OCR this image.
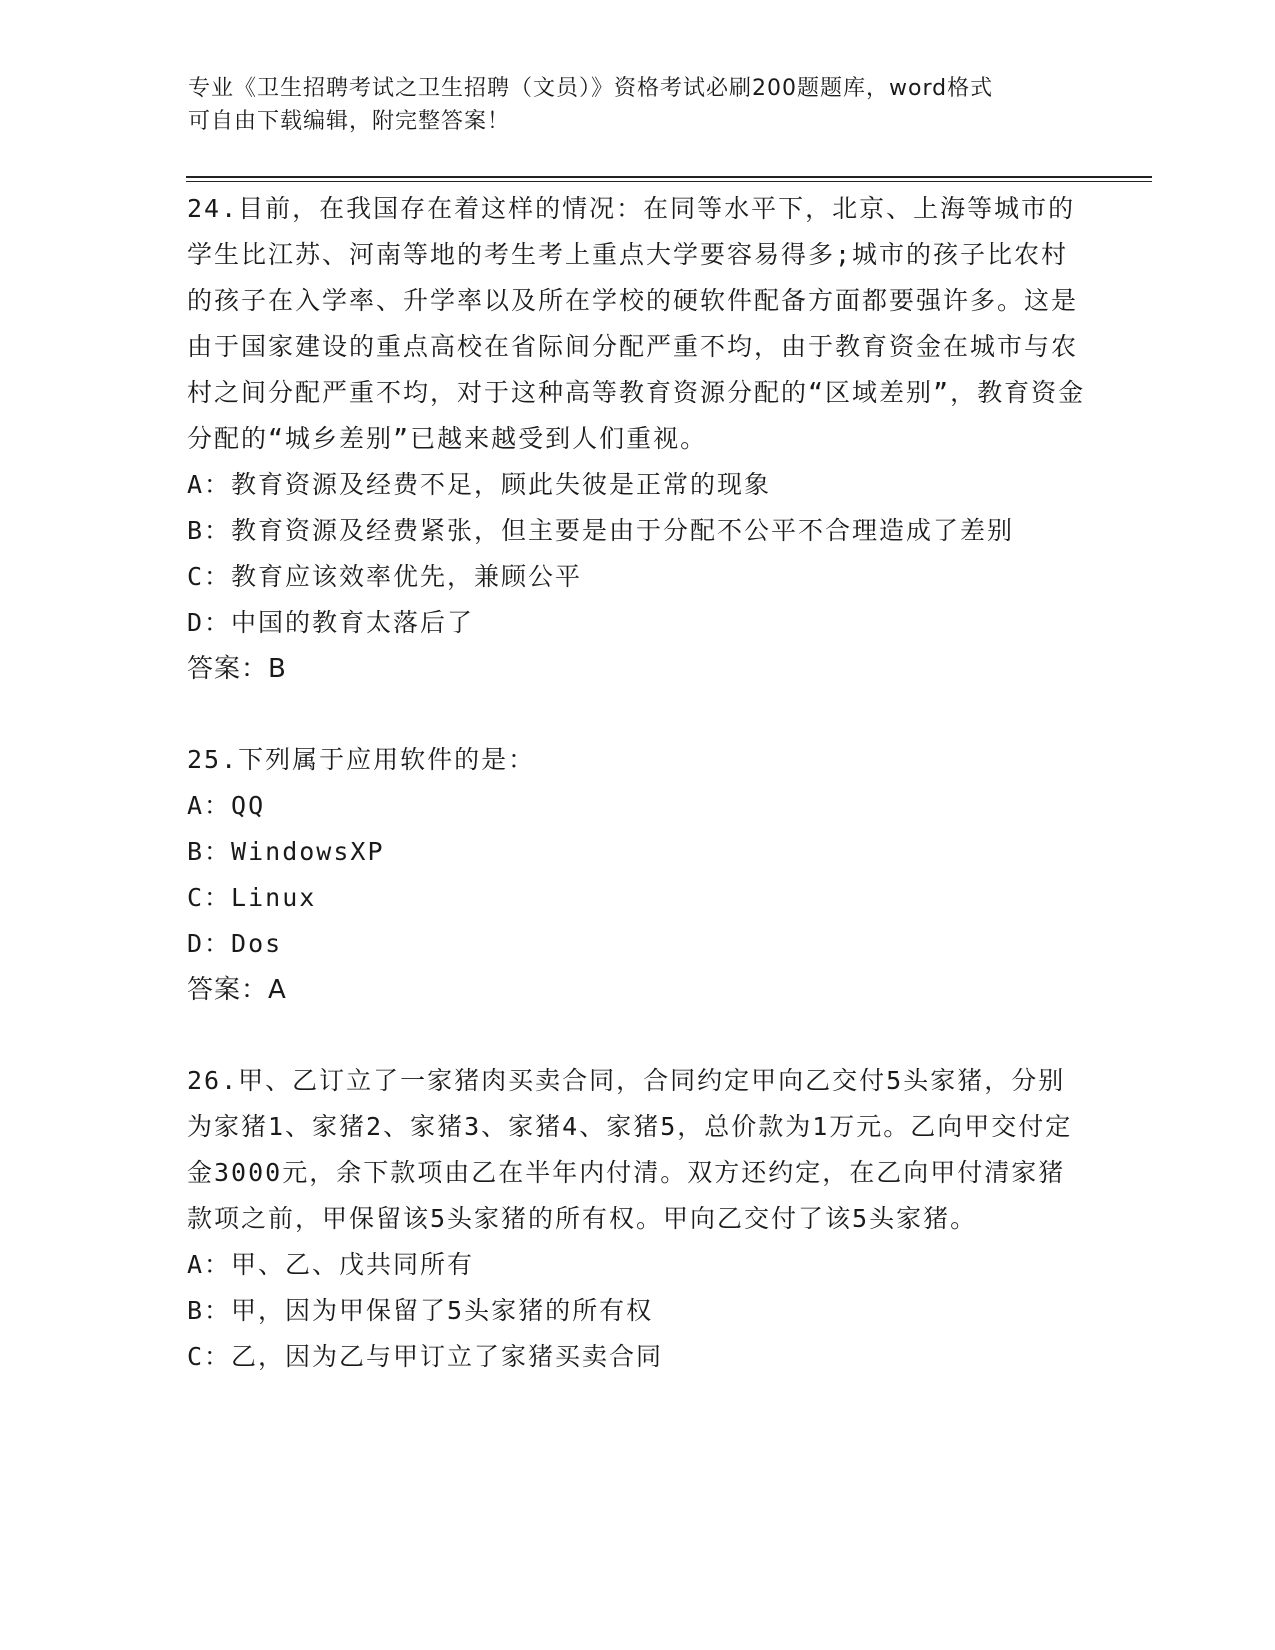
专业《卫生招聘考试之卫生招聘（文员）》资格考试必刷200题题库，word格式
可自由下载编辑，附完整答案！

24.目前，在我国存在着这样的情况：在同等水平下，北京、上海等城市的学生比江苏、河南等地的考生考上重点大学要容易得多;城市的孩子比农村的孩子在入学率、升学率以及所在学校的硬软件配备方面都要强许多。这是由于国家建设的重点高校在省际间分配严重不均，由于教育资金在城市与农村之间分配严重不均，对于这种高等教育资源分配的“区域差别”，教育资金分配的“城乡差别”已越来越受到人们重视。

A：教育资源及经费不足，顾此失彼是正常的现象

B：教育资源及经费紧张，但主要是由于分配不公平不合理造成了差别

C：教育应该效率优先，兼顾公平

D：中国的教育太落后了

答案：B

25.下列属于应用软件的是：

A：QQ

B：WindowsXP

C：Linux

D：Dos

答案：A

26.甲、乙订立了一家猪肉买卖合同，合同约定甲向乙交付5头家猪，分别为家猪1、家猪2、家猪3、家猪4、家猪5，总价款为1万元。乙向甲交付定金3000元，余下款项由乙在半年内付清。双方还约定，在乙向甲付清家猪款项之前，甲保留该5头家猪的所有权。甲向乙交付了该5头家猪。

A：甲、乙、戊共同所有

B：甲，因为甲保留了5头家猪的所有权

C：乙，因为乙与甲订立了家猪买卖合同
